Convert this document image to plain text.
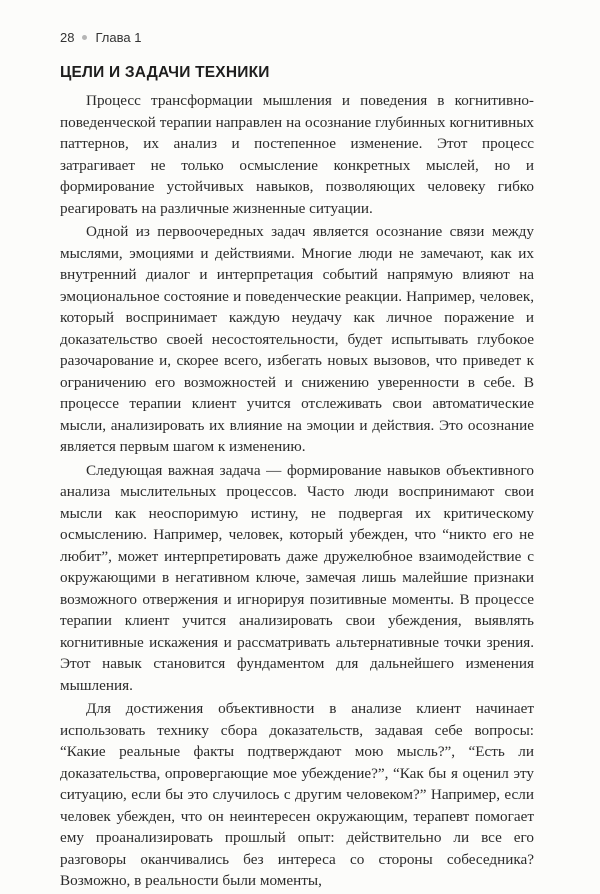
28 Глава 1
ЦЕЛИ И ЗАДАЧИ ТЕХНИКИ

Процесс трансформации мышления и поведения в когнитивно-поведенческой терапии направлен на осознание глубинных когнитивных паттернов, их анализ и постепенное изменение. Этот процесс затрагивает не только осмысление конкретных мыслей, но и формирование устойчивых навыков, позволяющих человеку гибко реагировать на различные жизненные ситуации.

Одной из первоочередных задач является осознание связи между мыслями, эмоциями и действиями. Многие люди не замечают, как их внутренний диалог и интерпретация событий напрямую влияют на эмоциональное состояние и поведенческие реакции. Например, человек, который воспринимает каждую неудачу как личное поражение и доказательство своей несостоятельности, будет испытывать глубокое разочарование и, скорее всего, избегать новых вызовов, что приведет к ограничению его возможностей и снижению уверенности в себе. В процессе терапии клиент учится отслеживать свои автоматические мысли, анализировать их влияние на эмоции и действия. Это осознание является первым шагом к изменению.

Следующая важная задача — формирование навыков объективного анализа мыслительных процессов. Часто люди воспринимают свои мысли как неоспоримую истину, не подвергая их критическому осмыслению. Например, человек, который убежден, что “никто его не любит”, может интерпретировать даже дружелюбное взаимодействие с окружающими в негативном ключе, замечая лишь малейшие признаки возможного отвержения и игнорируя позитивные моменты. В процессе терапии клиент учится анализировать свои убеждения, выявлять когнитивные искажения и рассматривать альтернативные точки зрения. Этот навык становится фундаментом для дальнейшего изменения мышления.

Для достижения объективности в анализе клиент начинает использовать технику сбора доказательств, задавая себе вопросы: “Какие реальные факты подтверждают мою мысль?”, “Есть ли доказательства, опровергающие мое убеждение?”, “Как бы я оценил эту ситуацию, если бы это случилось с другим человеком?” Например, если человек убежден, что он неинтересен окружающим, терапевт помогает ему проанализировать прошлый опыт: действительно ли все его разговоры оканчивались без интереса со стороны собеседника? Возможно, в реальности были моменты,
